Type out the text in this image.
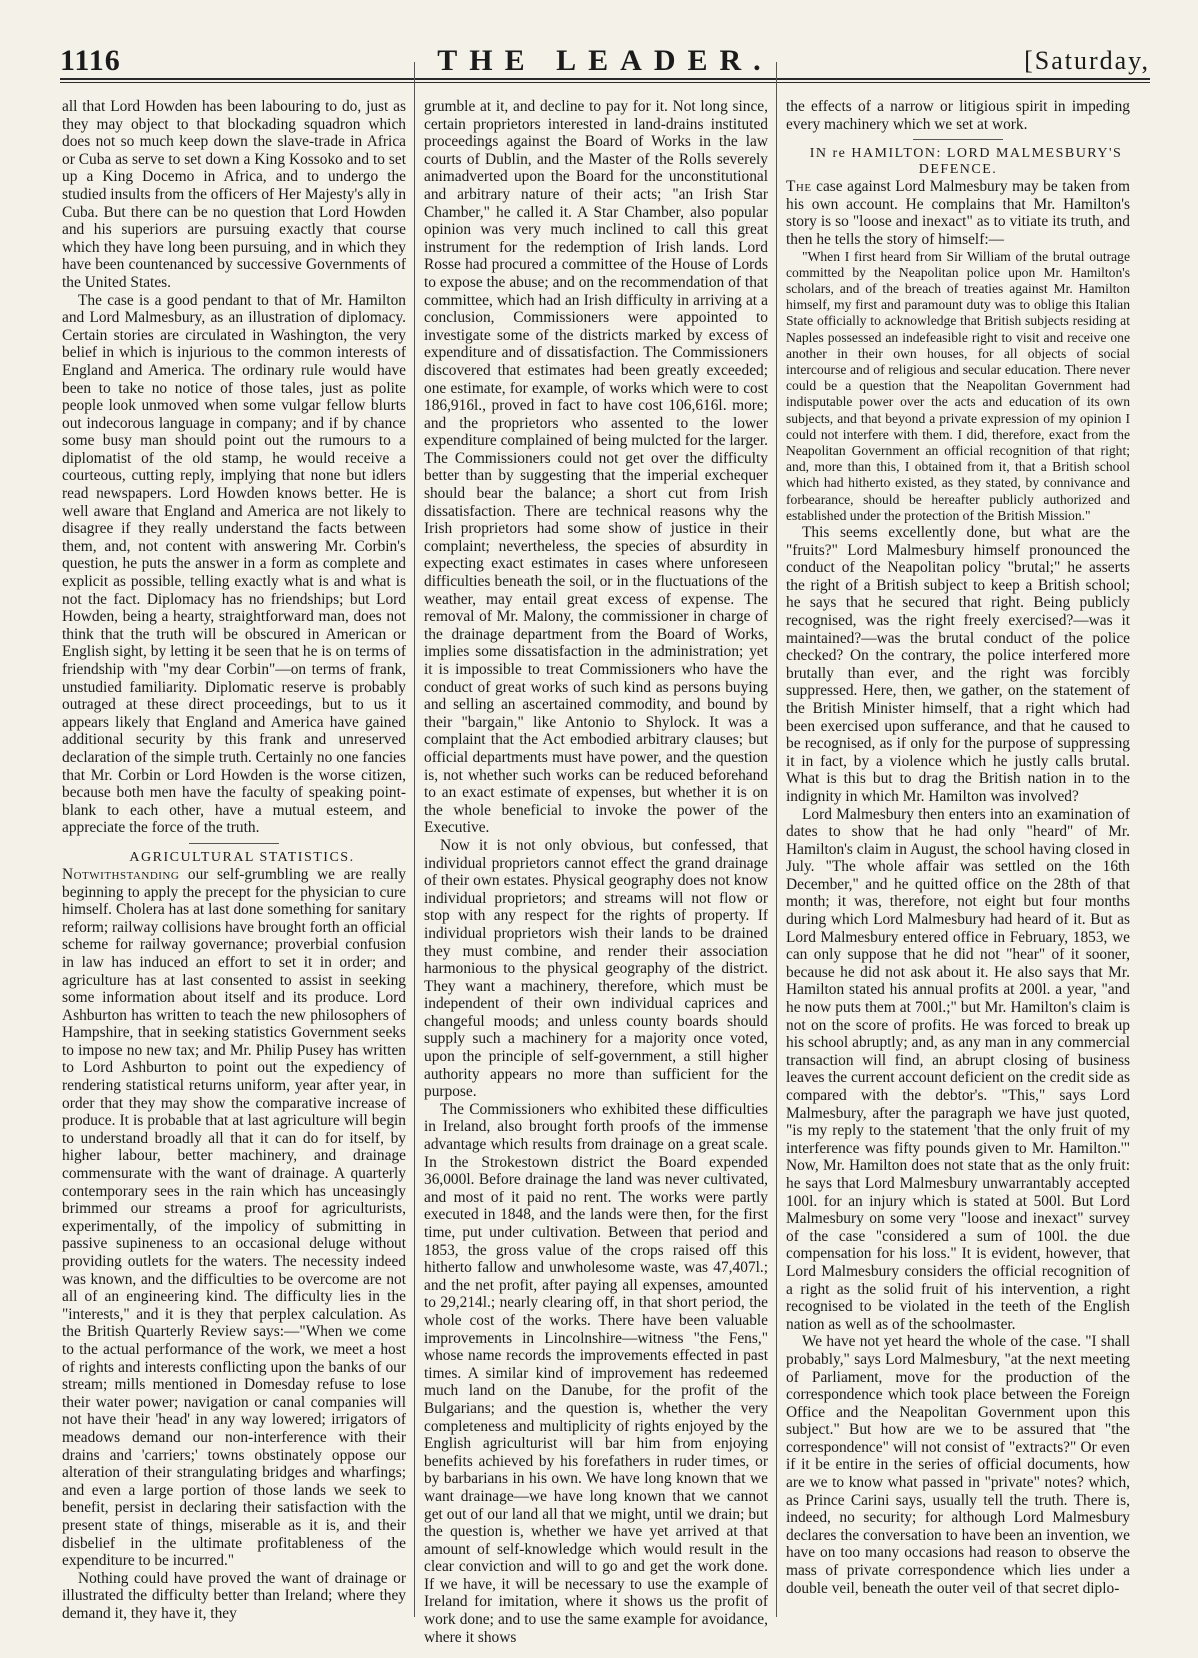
1116	THE LEADER.	[Saturday,

all that Lord Howden has been labouring to do, just as they may object to that blockading squadron which does not so much keep down the slave-trade in Africa or Cuba as serve to set down a King Kossoko and to set up a King Docemo in Africa, and to undergo the studied insults from the officers of Her Majesty's ally in Cuba. But there can be no question that Lord Howden and his superiors are pursuing exactly that course which they have long been pursuing, and in which they have been countenanced by successive Governments of the United States.

The case is a good pendant to that of Mr. Hamilton and Lord Malmesbury, as an illustration of diplomacy. Certain stories are circulated in Washington, the very belief in which is injurious to the common interests of England and America. The ordinary rule would have been to take no notice of those tales, just as polite people look unmoved when some vulgar fellow blurts out indecorous language in company; and if by chance some busy man should point out the rumours to a diplomatist of the old stamp, he would receive a courteous, cutting reply, implying that none but idlers read newspapers. Lord Howden knows better. He is well aware that England and America are not likely to disagree if they really understand the facts between them, and, not content with answering Mr. Corbin's question, he puts the answer in a form as complete and explicit as possible, telling exactly what is and what is not the fact. Diplomacy has no friendships; but Lord Howden, being a hearty, straightforward man, does not think that the truth will be obscured in American or English sight, by letting it be seen that he is on terms of friendship with "my dear Corbin"—on terms of frank, unstudied familiarity. Diplomatic reserve is probably outraged at these direct proceedings, but to us it appears likely that England and America have gained additional security by this frank and unreserved declaration of the simple truth. Certainly no one fancies that Mr. Corbin or Lord Howden is the worse citizen, because both men have the faculty of speaking point-blank to each other, have a mutual esteem, and appreciate the force of the truth.

AGRICULTURAL STATISTICS.

Notwithstanding our self-grumbling we are really beginning to apply the precept for the physician to cure himself. Cholera has at last done something for sanitary reform; railway collisions have brought forth an official scheme for railway governance; proverbial confusion in law has induced an effort to set it in order; and agriculture has at last consented to assist in seeking some information about itself and its produce. Lord Ashburton has written to teach the new philosophers of Hampshire, that in seeking statistics Government seeks to impose no new tax; and Mr. Philip Pusey has written to Lord Ashburton to point out the expediency of rendering statistical returns uniform, year after year, in order that they may show the comparative increase of produce. It is probable that at last agriculture will begin to understand broadly all that it can do for itself, by higher labour, better machinery, and drainage commensurate with the want of drainage. A quarterly contemporary sees in the rain which has unceasingly brimmed our streams a proof for agriculturists, experimentally, of the impolicy of submitting in passive supineness to an occasional deluge without providing outlets for the waters. The necessity indeed was known, and the difficulties to be overcome are not all of an engineering kind. The difficulty lies in the "interests," and it is they that perplex calculation. As the British Quarterly Review says:—"When we come to the actual performance of the work, we meet a host of rights and interests conflicting upon the banks of our stream; mills mentioned in Domesday refuse to lose their water power; navigation or canal companies will not have their 'head' in any way lowered; irrigators of meadows demand our non-interference with their drains and 'carriers;' towns obstinately oppose our alteration of their strangulating bridges and wharfings; and even a large portion of those lands we seek to benefit, persist in declaring their satisfaction with the present state of things, miserable as it is, and their disbelief in the ultimate profitableness of the expenditure to be incurred."

Nothing could have proved the want of drainage or illustrated the difficulty better than Ireland; where they demand it, they have it, they

grumble at it, and decline to pay for it. Not long since, certain proprietors interested in land-drains instituted proceedings against the Board of Works in the law courts of Dublin, and the Master of the Rolls severely animadverted upon the Board for the unconstitutional and arbitrary nature of their acts; "an Irish Star Chamber," he called it. A Star Chamber, also popular opinion was very much inclined to call this great instrument for the redemption of Irish lands. Lord Rosse had procured a committee of the House of Lords to expose the abuse; and on the recommendation of that committee, which had an Irish difficulty in arriving at a conclusion, Commissioners were appointed to investigate some of the districts marked by excess of expenditure and of dissatisfaction. The Commissioners discovered that estimates had been greatly exceeded; one estimate, for example, of works which were to cost 186,916l., proved in fact to have cost 106,616l. more; and the proprietors who assented to the lower expenditure complained of being mulcted for the larger. The Commissioners could not get over the difficulty better than by suggesting that the imperial exchequer should bear the balance; a short cut from Irish dissatisfaction. There are technical reasons why the Irish proprietors had some show of justice in their complaint; nevertheless, the species of absurdity in expecting exact estimates in cases where unforeseen difficulties beneath the soil, or in the fluctuations of the weather, may entail great excess of expense. The removal of Mr. Malony, the commissioner in charge of the drainage department from the Board of Works, implies some dissatisfaction in the administration; yet it is impossible to treat Commissioners who have the conduct of great works of such kind as persons buying and selling an ascertained commodity, and bound by their "bargain," like Antonio to Shylock. It was a complaint that the Act embodied arbitrary clauses; but official departments must have power, and the question is, not whether such works can be reduced beforehand to an exact estimate of expenses, but whether it is on the whole beneficial to invoke the power of the Executive.

Now it is not only obvious, but confessed, that individual proprietors cannot effect the grand drainage of their own estates. Physical geography does not know individual proprietors; and streams will not flow or stop with any respect for the rights of property. If individual proprietors wish their lands to be drained they must combine, and render their association harmonious to the physical geography of the district. They want a machinery, therefore, which must be independent of their own individual caprices and changeful moods; and unless county boards should supply such a machinery for a majority once voted, upon the principle of self-government, a still higher authority appears no more than sufficient for the purpose.

The Commissioners who exhibited these difficulties in Ireland, also brought forth proofs of the immense advantage which results from drainage on a great scale. In the Strokestown district the Board expended 36,000l. Before drainage the land was never cultivated, and most of it paid no rent. The works were partly executed in 1848, and the lands were then, for the first time, put under cultivation. Between that period and 1853, the gross value of the crops raised off this hitherto fallow and unwholesome waste, was 47,407l.; and the net profit, after paying all expenses, amounted to 29,214l.; nearly clearing off, in that short period, the whole cost of the works. There have been valuable improvements in Lincolnshire—witness "the Fens," whose name records the improvements effected in past times. A similar kind of improvement has redeemed much land on the Danube, for the profit of the Bulgarians; and the question is, whether the very completeness and multiplicity of rights enjoyed by the English agriculturist will bar him from enjoying benefits achieved by his forefathers in ruder times, or by barbarians in his own. We have long known that we want drainage—we have long known that we cannot get out of our land all that we might, until we drain; but the question is, whether we have yet arrived at that amount of self-knowledge which would result in the clear conviction and will to go and get the work done. If we have, it will be necessary to use the example of Ireland for imitation, where it shows us the profit of work done; and to use the same example for avoidance, where it shows

the effects of a narrow or litigious spirit in impeding every machinery which we set at work.

IN re HAMILTON: LORD MALMESBURY'S DEFENCE.

The case against Lord Malmesbury may be taken from his own account. He complains that Mr. Hamilton's story is so "loose and inexact" as to vitiate its truth, and then he tells the story of himself:—

"When I first heard from Sir William of the brutal outrage committed by the Neapolitan police upon Mr. Hamilton's scholars, and of the breach of treaties against Mr. Hamilton himself, my first and paramount duty was to oblige this Italian State officially to acknowledge that British subjects residing at Naples possessed an indefeasible right to visit and receive one another in their own houses, for all objects of social intercourse and of religious and secular education. There never could be a question that the Neapolitan Government had indisputable power over the acts and education of its own subjects, and that beyond a private expression of my opinion I could not interfere with them. I did, therefore, exact from the Neapolitan Government an official recognition of that right; and, more than this, I obtained from it, that a British school which had hitherto existed, as they stated, by connivance and forbearance, should be hereafter publicly authorized and established under the protection of the British Mission."

This seems excellently done, but what are the "fruits?" Lord Malmesbury himself pronounced the conduct of the Neapolitan policy "brutal;" he asserts the right of a British subject to keep a British school; he says that he secured that right. Being publicly recognised, was the right freely exercised?—was it maintained?—was the brutal conduct of the police checked? On the contrary, the police interfered more brutally than ever, and the right was forcibly suppressed. Here, then, we gather, on the statement of the British Minister himself, that a right which had been exercised upon sufferance, and that he caused to be recognised, as if only for the purpose of suppressing it in fact, by a violence which he justly calls brutal. What is this but to drag the British nation in to the indignity in which Mr. Hamilton was involved?

Lord Malmesbury then enters into an examination of dates to show that he had only "heard" of Mr. Hamilton's claim in August, the school having closed in July. "The whole affair was settled on the 16th December," and he quitted office on the 28th of that month; it was, therefore, not eight but four months during which Lord Malmesbury had heard of it. But as Lord Malmesbury entered office in February, 1853, we can only suppose that he did not "hear" of it sooner, because he did not ask about it. He also says that Mr. Hamilton stated his annual profits at 200l. a year, "and he now puts them at 700l.;" but Mr. Hamilton's claim is not on the score of profits. He was forced to break up his school abruptly; and, as any man in any commercial transaction will find, an abrupt closing of business leaves the current account deficient on the credit side as compared with the debtor's. "This," says Lord Malmesbury, after the paragraph we have just quoted, "is my reply to the statement 'that the only fruit of my interference was fifty pounds given to Mr. Hamilton.'" Now, Mr. Hamilton does not state that as the only fruit: he says that Lord Malmesbury unwarrantably accepted 100l. for an injury which is stated at 500l. But Lord Malmesbury on some very "loose and inexact" survey of the case "considered a sum of 100l. the due compensation for his loss." It is evident, however, that Lord Malmesbury considers the official recognition of a right as the solid fruit of his intervention, a right recognised to be violated in the teeth of the English nation as well as of the schoolmaster.

We have not yet heard the whole of the case. "I shall probably," says Lord Malmesbury, "at the next meeting of Parliament, move for the production of the correspondence which took place between the Foreign Office and the Neapolitan Government upon this subject." But how are we to be assured that "the correspondence" will not consist of "extracts?" Or even if it be entire in the series of official documents, how are we to know what passed in "private" notes? which, as Prince Carini says, usually tell the truth. There is, indeed, no security; for although Lord Malmesbury declares the conversation to have been an invention, we have on too many occasions had reason to observe the mass of private correspondence which lies under a double veil, beneath the outer veil of that secret diplo-
